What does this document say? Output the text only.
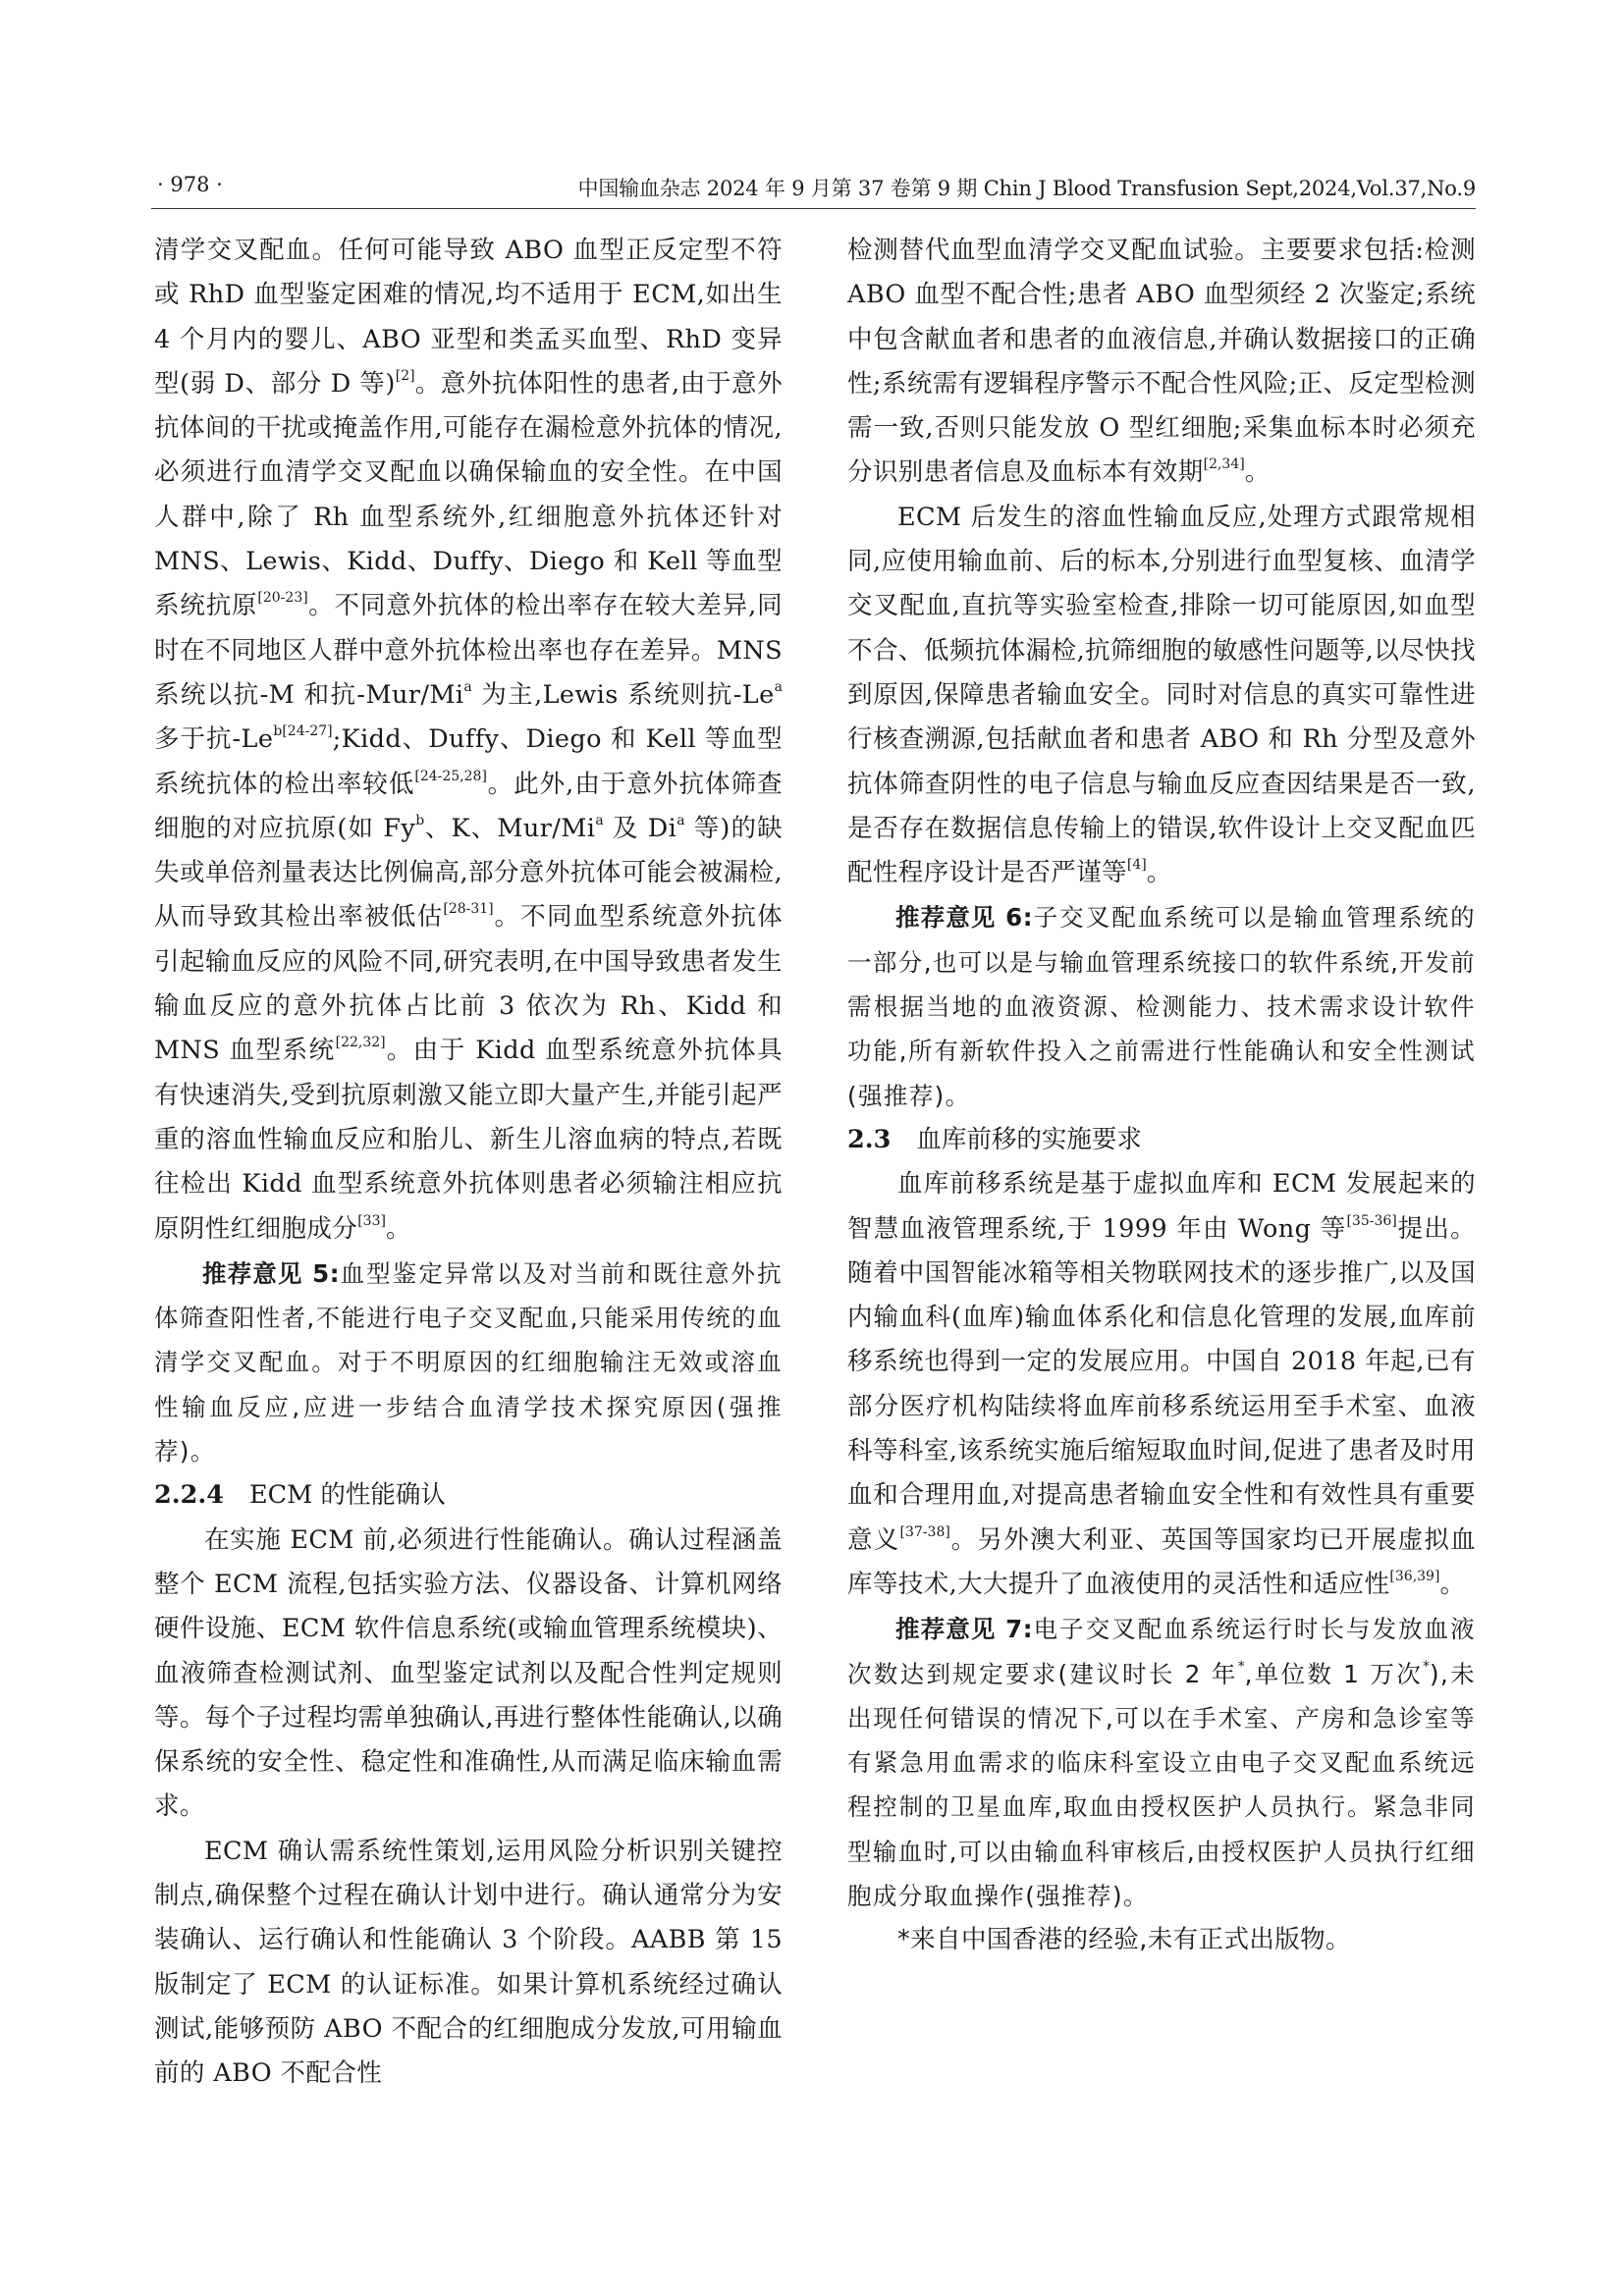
· 978 ·	中国输血杂志 2024 年 9 月第 37 卷第 9 期 Chin J Blood Transfusion Sept,2024,Vol.37,No.9

清学交叉配血。任何可能导致 ABO 血型正反定型不符或 RhD 血型鉴定困难的情况,均不适用于 ECM,如出生 4 个月内的婴儿、ABO 亚型和类孟买血型、RhD 变异型(弱 D、部分 D 等)[2]。意外抗体阳性的患者,由于意外抗体间的干扰或掩盖作用,可能存在漏检意外抗体的情况,必须进行血清学交叉配血以确保输血的安全性。在中国人群中,除了 Rh 血型系统外,红细胞意外抗体还针对 MNS、Lewis、Kidd、Duffy、Diego 和 Kell 等血型系统抗原[20-23]。不同意外抗体的检出率存在较大差异,同时在不同地区人群中意外抗体检出率也存在差异。MNS 系统以抗-M 和抗-Mur/Mi$^a$ 为主,Lewis 系统则抗-Le$^a$ 多于抗$-Le^{b[24-27]};Kidd$、Duffy、Diego 和 Kell 等血型系统抗体的检出率较低[24-25,28]。此外,由于意外抗体筛查细胞的对应抗原(如 Fy$^b$、K、Mur/Mi$^a$ 及 Di$^a$ 等)的缺失或单倍剂量表达比例偏高,部分意外抗体可能会被漏检,从而导致其检出率被低估[28-31]。不同血型系统意外抗体引起输血反应的风险不同,研究表明,在中国导致患者发生输血反应的意外抗体占比前 3 依次为 Rh、Kidd 和 MNS 血型系统[22,32]。由于 Kidd 血型系统意外抗体具有快速消失,受到抗原刺激又能立即大量产生,并能引起严重的溶血性输血反应和胎儿、新生儿溶血病的特点,若既往检出 Kidd 血型系统意外抗体则患者必须输注相应抗原阴性红细胞成分[33]。

推荐意见 5:血型鉴定异常以及对当前和既往意外抗体筛查阳性者,不能进行电子交叉配血,只能采用传统的血清学交叉配血。对于不明原因的红细胞输注无效或溶血性输血反应,应进一步结合血清学技术探究原因(强推荐)。

2.2.4 ECM 的性能确认

在实施 ECM 前,必须进行性能确认。确认过程涵盖整个 ECM 流程,包括实验方法、仪器设备、计算机网络硬件设施、ECM 软件信息系统(或输血管理系统模块)、血液筛查检测试剂、血型鉴定试剂以及配合性判定规则等。每个子过程均需单独确认,再进行整体性能确认,以确保系统的安全性、稳定性和准确性,从而满足临床输血需求。

ECM 确认需系统性策划,运用风险分析识别关键控制点,确保整个过程在确认计划中进行。确认通常分为安装确认、运行确认和性能确认 3 个阶段。AABB 第 15 版制定了 ECM 的认证标准。如果计算机系统经过确认测试,能够预防 ABO 不配合的红细胞成分发放,可用输血前的 ABO 不配合性

检测替代血型血清学交叉配血试验。主要要求包括:检测 ABO 血型不配合性;患者 ABO 血型须经 2 次鉴定;系统中包含献血者和患者的血液信息,并确认数据接口的正确性;系统需有逻辑程序警示不配合性风险;正、反定型检测需一致,否则只能发放 O 型红细胞;采集血标本时必须充分识别患者信息及血标本有效期[2,34]。

ECM 后发生的溶血性输血反应,处理方式跟常规相同,应使用输血前、后的标本,分别进行血型复核、血清学交叉配血,直抗等实验室检查,排除一切可能原因,如血型不合、低频抗体漏检,抗筛细胞的敏感性问题等,以尽快找到原因,保障患者输血安全。同时对信息的真实可靠性进行核查溯源,包括献血者和患者 ABO 和 Rh 分型及意外抗体筛查阴性的电子信息与输血反应查因结果是否一致,是否存在数据信息传输上的错误,软件设计上交叉配血匹配性程序设计是否严谨等[4]。

推荐意见 6:子交叉配血系统可以是输血管理系统的一部分,也可以是与输血管理系统接口的软件系统,开发前需根据当地的血液资源、检测能力、技术需求设计软件功能,所有新软件投入之前需进行性能确认和安全性测试(强推荐)。

2.3 血库前移的实施要求

血库前移系统是基于虚拟血库和 ECM 发展起来的智慧血液管理系统,于 1999 年由 Wong 等[35-36]提出。随着中国智能冰箱等相关物联网技术的逐步推广,以及国内输血科(血库)输血体系化和信息化管理的发展,血库前移系统也得到一定的发展应用。中国自 2018 年起,已有部分医疗机构陆续将血库前移系统运用至手术室、血液科等科室,该系统实施后缩短取血时间,促进了患者及时用血和合理用血,对提高患者输血安全性和有效性具有重要意义[37-38]。另外澳大利亚、英国等国家均已开展虚拟血库等技术,大大提升了血液使用的灵活性和适应性[36,39]。

推荐意见 7:电子交叉配血系统运行时长与发放血液次数达到规定要求(建议时长 2 年*,单位数 1 万次*),未出现任何错误的情况下,可以在手术室、产房和急诊室等有紧急用血需求的临床科室设立由电子交叉配血系统远程控制的卫星血库,取血由授权医护人员执行。紧急非同型输血时,可以由输血科审核后,由授权医护人员执行红细胞成分取血操作(强推荐)。

*来自中国香港的经验,未有正式出版物。
